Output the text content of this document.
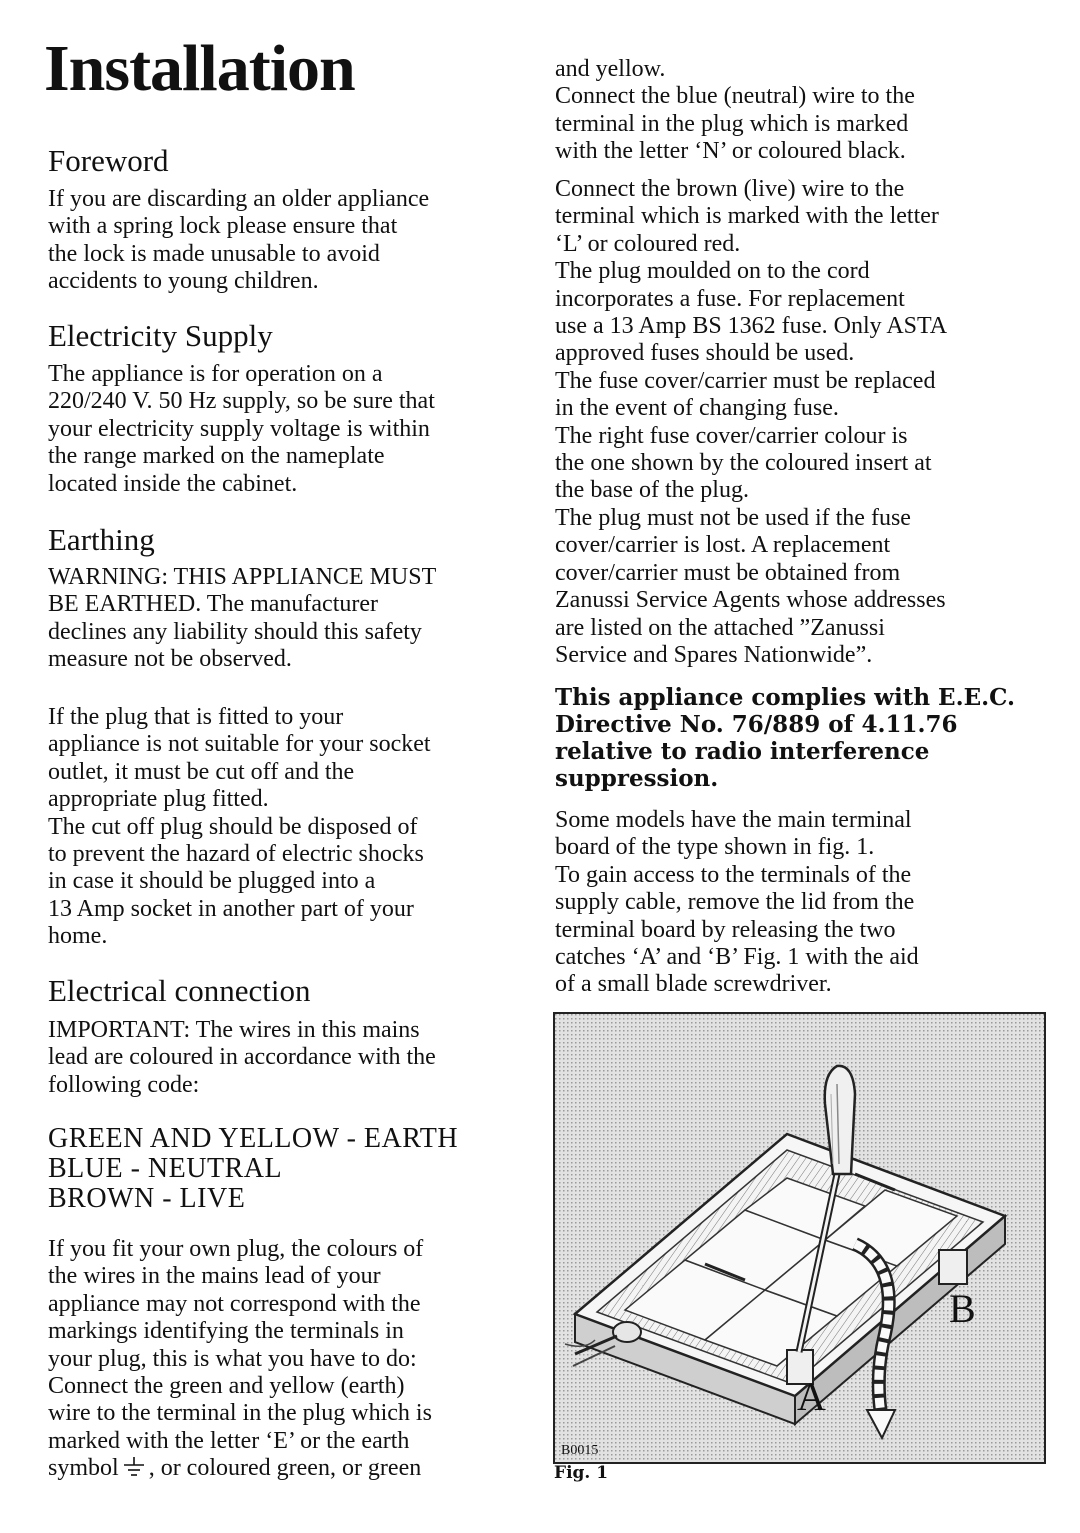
Installation
Foreword

If you are discarding an older appliance
with a spring lock please ensure that
the lock is made unusable to avoid
accidents to young children.

Electricity Supply

The appliance is for operation on a
220/240 V. 50 Hz supply, so be sure that
your electricity supply voltage is within
the range marked on the nameplate
located inside the cabinet.

Earthing

WARNING: THIS APPLIANCE MUST
BE EARTHED. The manufacturer
declines any liability should this safety
measure not be observed.

If the plug that is fitted to your
appliance is not suitable for your socket
outlet, it must be cut off and the
appropriate plug fitted.
The cut off plug should be disposed of
to prevent the hazard of electric shocks
in case it should be plugged into a
13 Amp socket in another part of your
home.

Electrical connection

IMPORTANT: The wires in this mains
lead are coloured in accordance with the
following code:

GREEN AND YELLOW - EARTH
BLUE - NEUTRAL
BROWN - LIVE

If you fit your own plug, the colours of
the wires in the mains lead of your
appliance may not correspond with the
markings identifying the terminals in
your plug, this is what you have to do:
Connect the green and yellow (earth)
wire to the terminal in the plug which is
marked with the letter ‘E’ or the earth

symbol , or coloured green, or green

and yellow.
Connect the blue (neutral) wire to the
terminal in the plug which is marked
with the letter ‘N’ or coloured black.

Connect the brown (live) wire to the
terminal which is marked with the letter
‘L’ or coloured red.
The plug moulded on to the cord
incorporates a fuse. For replacement
use a 13 Amp BS 1362 fuse. Only ASTA
approved fuses should be used.
The fuse cover/carrier must be replaced
in the event of changing fuse.
The right fuse cover/carrier colour is
the one shown by the coloured insert at
the base of the plug.
The plug must not be used if the fuse
cover/carrier is lost. A replacement
cover/carrier must be obtained from
Zanussi Service Agents whose addresses
are listed on the attached ”Zanussi
Service and Spares Nationwide”.

This appliance complies with E.E.C.
Directive No. 76/889 of 4.11.76
relative to radio interference
suppression.

Some models have the main terminal
board of the type shown in fig. 1.
To gain access to the terminals of the
supply cable, remove the lid from the
terminal board by releasing the two
catches ‘A’ and ‘B’ Fig. 1 with the aid
of a small blade screwdriver.

B
A
B0015

Fig. 1
